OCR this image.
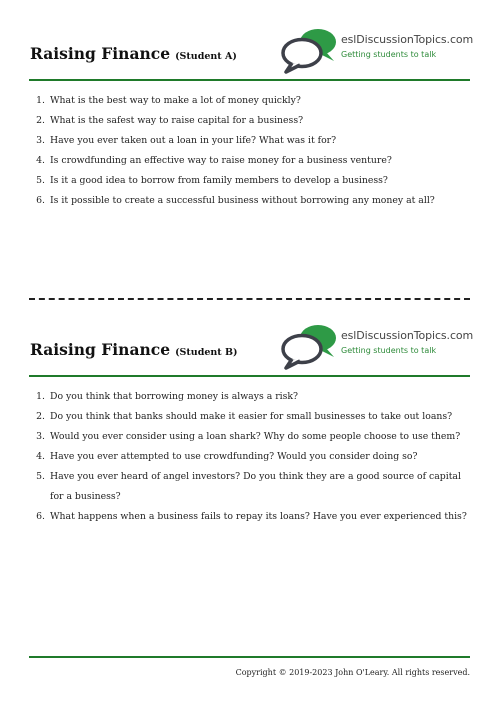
Raising Finance (Student A)
eslDiscussionTopics.com
Getting students to talk
1. What is the best way to make a lot of money quickly?
2. What is the safest way to raise capital for a business?
3. Have you ever taken out a loan in your life? What was it for?
4. Is crowdfunding an effective way to raise money for a business venture?
5. Is it a good idea to borrow from family members to develop a business?
6. Is it possible to create a successful business without borrowing any money at all?
Raising Finance (Student B)
eslDiscussionTopics.com
Getting students to talk
1. Do you think that borrowing money is always a risk?
2. Do you think that banks should make it easier for small businesses to take out loans?
3. Would you ever consider using a loan shark? Why do some people choose to use them?
4. Have you ever attempted to use crowdfunding? Would you consider doing so?
5. Have you ever heard of angel investors? Do you think they are a good source of capital for a business?
6. What happens when a business fails to repay its loans? Have you ever experienced this?
Copyright © 2019-2023 John O'Leary. All rights reserved.
